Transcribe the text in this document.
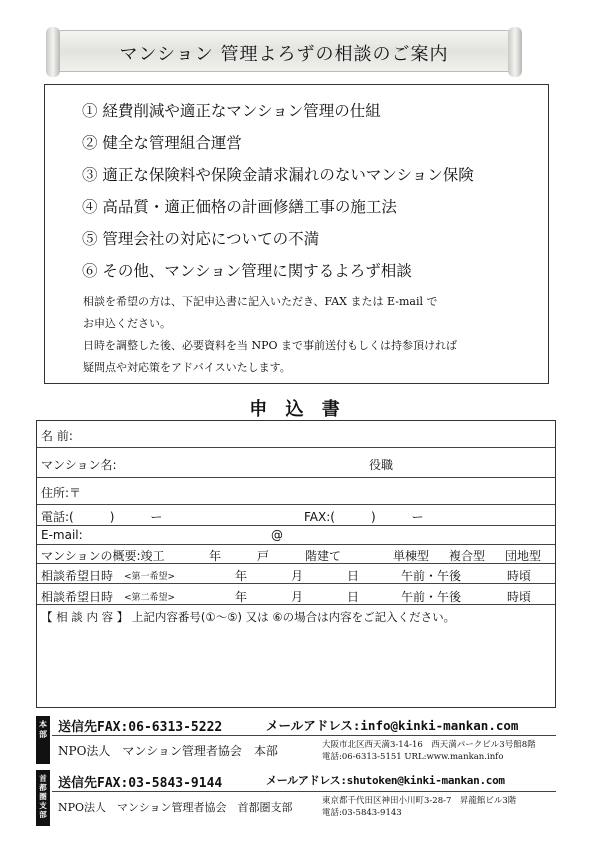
マンション 管理よろずの相談のご案内
① 経費削減や適正なマンション管理の仕組
② 健全な管理組合運営
③ 適正な保険料や保険金請求漏れのないマンション保険
④ 高品質・適正価格の計画修繕工事の施工法
⑤ 管理会社の対応についての不満
⑥ その他、マンション管理に関するよろず相談
相談を希望の方は、下記申込書に記入いただき、FAX または E-mail で
お申込ください。
日時を調整した後、必要資料を当 NPO まで事前送付もしくは持参頂ければ
疑問点や対応策をアドバイスいたします。
申 込 書
名 前:
マンション名:	役職
住所:〒
電話:(　　　)　　　ー	FAX:(　　　)　　　ー
E-mail:	@
マンションの概要:竣工	年	戸	階建て	単棟型 複合型 団地型
相談希望日時 <第一希望>	年	月	日	午前・午後	時頃
相談希望日時 <第二希望>	年	月	日	午前・午後	時頃
【 相 談 内 容 】 上記内容番号(①〜⑤) 又は ⑥の場合は内容をご記入ください。
本部 送信先FAX:06-6313-5222	メールアドレス:info@kinki-mankan.com
NPO法人　マンション管理者協会　本部	大阪市北区西天満3-14-16　西天満パークビル3号館8階
電話:06-6313-5151 URL:www.mankan.info
首都圏支部
送信先FAX:03-5843-9144	メールアドレス:shutoken@kinki-mankan.com
NPO法人　マンション管理者協会　首都圏支部	東京都千代田区神田小川町3-28-7　昇龍館ビル3階
電話:03-5843-9143
